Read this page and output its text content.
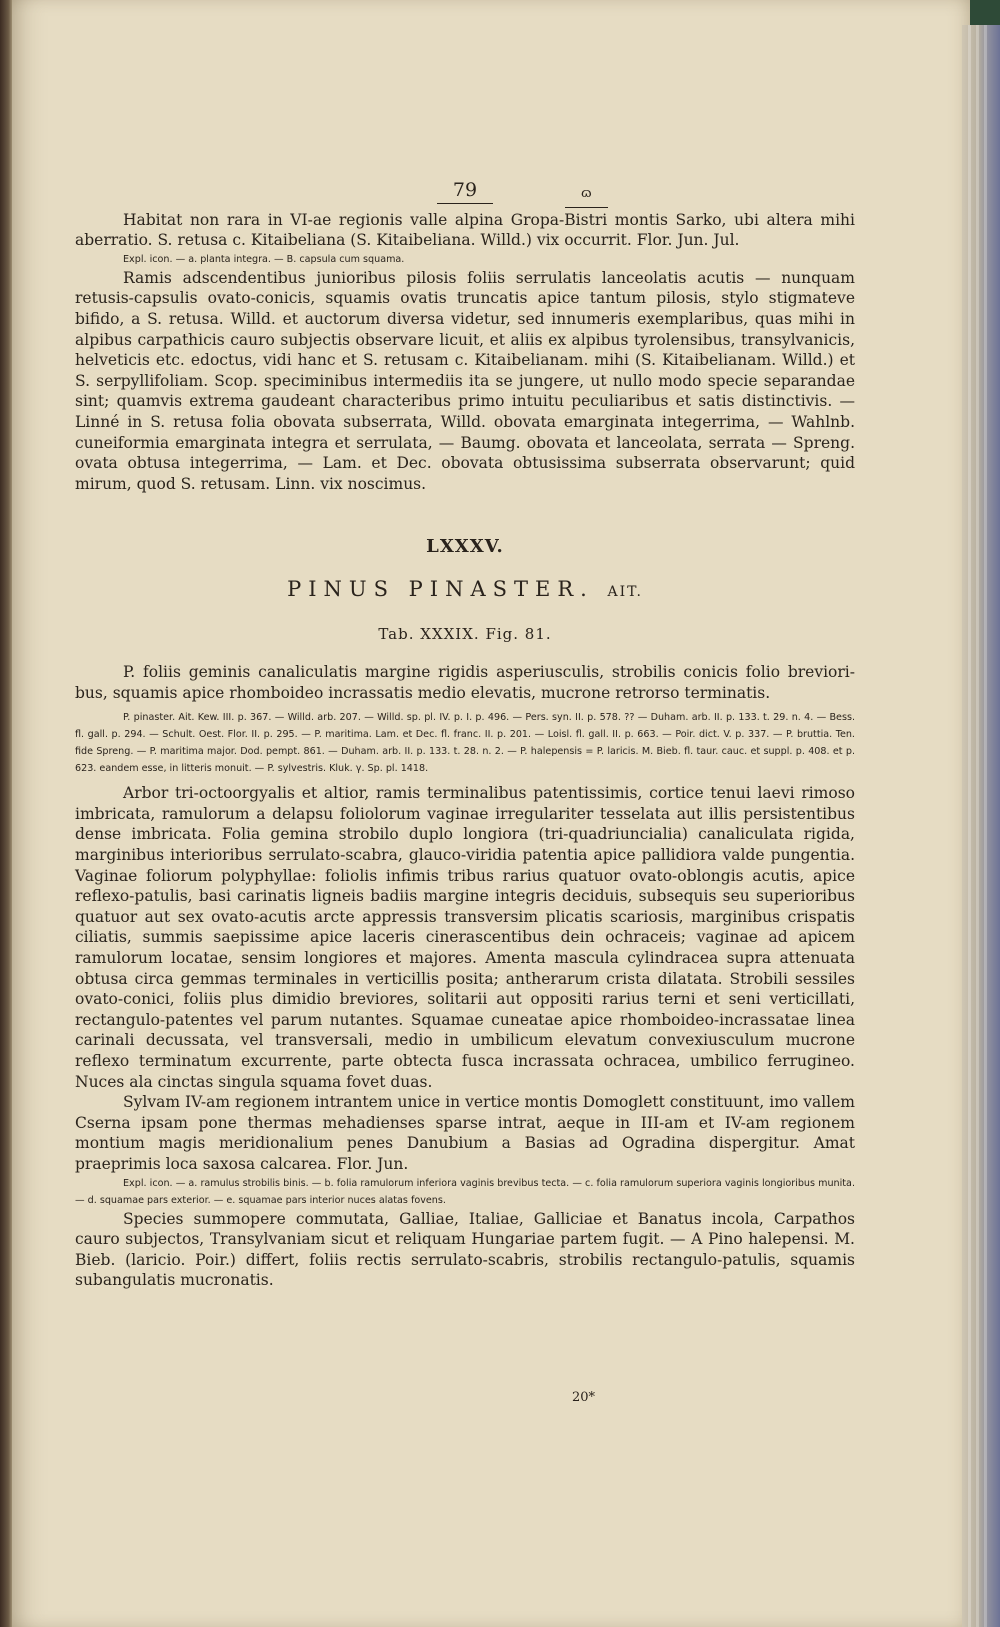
79	ɷ

Habitat non rara in VI-ae regionis valle alpina Gropa-Bistri montis Sarko, ubi altera mihi aberratio. S. retusa c. Kitaibeliana (S. Kitaibeliana. Willd.) vix occurrit. Flor. Jun. Jul.

Expl. icon. — a. planta integra. — B. capsula cum squama.

Ramis adscendentibus junioribus pilosis foliis serrulatis lanceolatis acutis — nunquam retusis-capsulis ovato-conicis, squamis ovatis truncatis apice tantum pilosis, stylo stigmateve bifido, a S. retusa. Willd. et auctorum diversa videtur, sed innumeris exemplaribus, quas mihi in alpibus carpathicis cauro subjectis observare licuit, et aliis ex alpibus tyrolensibus, transylvanicis, helveticis etc. edoctus, vidi hanc et S. retusam c. Kitaibelianam. mihi (S. Kitaibelianam. Willd.) et S. serpyllifoliam. Scop. speciminibus intermediis ita se jungere, ut nullo modo specie separandae sint; quamvis extrema gaudeant characteribus primo intuitu peculiaribus et satis distinctivis. — Linné in S. retusa folia obovata subserrata, Willd. obovata emarginata integerrima, — Wahlnb. cuneiformia emarginata integra et serrulata, — Baumg. obovata et lanceolata, serrata — Spreng. ovata obtusa integerrima, — Lam. et Dec. obovata obtusissima subserrata observarunt; quid mirum, quod S. retusam. Linn. vix noscimus.

LXXXV.
PINUS PINASTER. AIT.
Tab. XXXIX. Fig. 81.

P. foliis geminis canaliculatis margine rigidis asperiusculis, strobilis conicis folio breviori-bus, squamis apice rhomboideo incrassatis medio elevatis, mucrone retrorso terminatis.

P. pinaster. Ait. Kew. III. p. 367. — Willd. arb. 207. — Willd. sp. pl. IV. p. I. p. 496. — Pers. syn. II. p. 578. ?? — Duham. arb. II. p. 133. t. 29. n. 4. — Bess. fl. gall. p. 294. — Schult. Oest. Flor. II. p. 295. — P. maritima. Lam. et Dec. fl. franc. II. p. 201. — Loisl. fl. gall. II. p. 663. — Poir. dict. V. p. 337. — P. bruttia. Ten. fide Spreng. — P. maritima major. Dod. pempt. 861. — Duham. arb. II. p. 133. t. 28. n. 2. — P. halepensis = P. laricis. M. Bieb. fl. taur. cauc. et suppl. p. 408. et p. 623. eandem esse, in litteris monuit. — P. sylvestris. Kluk. γ. Sp. pl. 1418.

Arbor tri-octoorgyalis et altior, ramis terminalibus patentissimis, cortice tenui laevi rimoso imbricata, ramulorum a delapsu foliolorum vaginae irregulariter tesselata aut illis persistentibus dense imbricata. Folia gemina strobilo duplo longiora (tri-quadriuncialia) canaliculata rigida, marginibus interioribus serrulato-scabra, glauco-viridia patentia apice pallidiora valde pungentia. Vaginae foliorum polyphyllae: foliolis infimis tribus rarius quatuor ovato-oblongis acutis, apice reflexo-patulis, basi carinatis ligneis badiis margine integris deciduis, subsequis seu superioribus quatuor aut sex ovato-acutis arcte appressis transversim plicatis scariosis, marginibus crispatis ciliatis, summis saepissime apice laceris cinerascentibus dein ochraceis; vaginae ad apicem ramulorum locatae, sensim longiores et majores. Amenta mascula cylindracea supra attenuata obtusa circa gemmas terminales in verticillis posita; antherarum crista dilatata. Strobili sessiles ovato-conici, foliis plus dimidio breviores, solitarii aut oppositi rarius terni et seni verticillati, rectangulo-patentes vel parum nutantes. Squamae cuneatae apice rhomboideo-incrassatae linea carinali decussata, vel transversali, medio in umbilicum elevatum convexiusculum mucrone reflexo terminatum excurrente, parte obtecta fusca incrassata ochracea, umbilico ferrugineo. Nuces ala cinctas singula squama fovet duas.

Sylvam IV-am regionem intrantem unice in vertice montis Domoglett constituunt, imo vallem Cserna ipsam pone thermas mehadienses sparse intrat, aeque in III-am et IV-am regionem montium magis meridionalium penes Danubium a Basias ad Ogradina dispergitur. Amat praeprimis loca saxosa calcarea. Flor. Jun.

Expl. icon. — a. ramulus strobilis binis. — b. folia ramulorum inferiora vaginis brevibus tecta. — c. folia ramulorum superiora vaginis longioribus munita. — d. squamae pars exterior. — e. squamae pars interior nuces alatas fovens.

Species summopere commutata, Galliae, Italiae, Galliciae et Banatus incola, Carpathos cauro subjectos, Transylvaniam sicut et reliquam Hungariae partem fugit. — A Pino halepensi. M. Bieb. (laricio. Poir.) differt, foliis rectis serrulato-scabris, strobilis rectangulo-patulis, squamis subangulatis mucronatis.

20*
